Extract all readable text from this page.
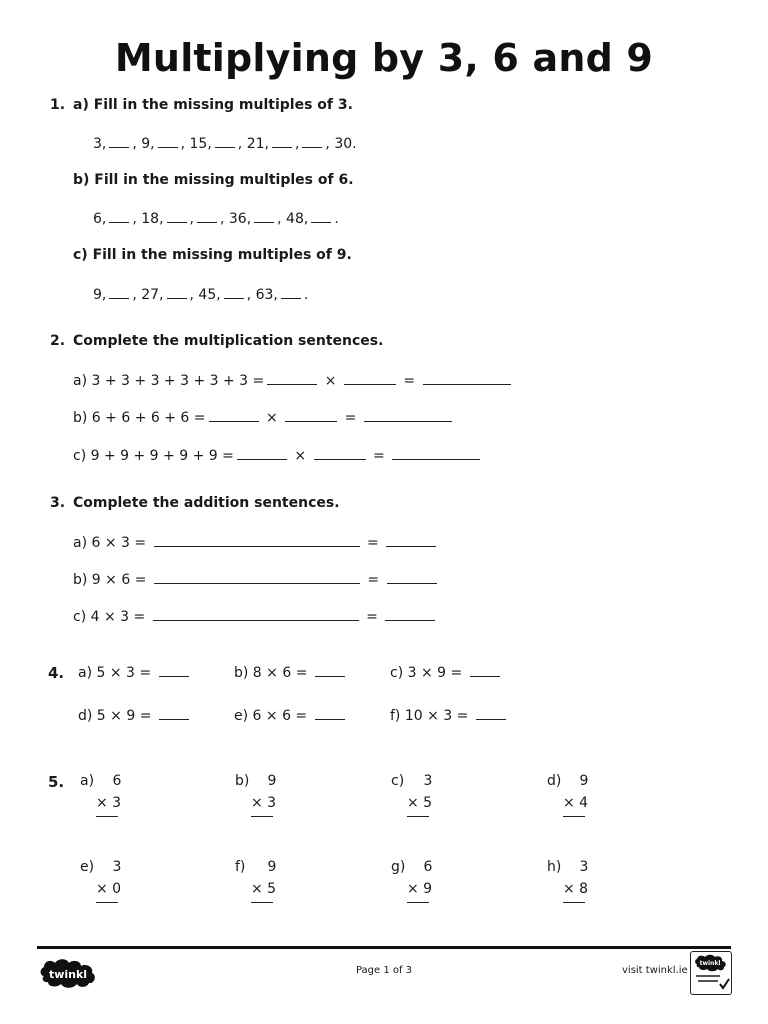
Multiplying by 3, 6 and 9
1. a) Fill in the missing multiples of 3.
3, , 9, , 15, , 21, , , 30.
b) Fill in the missing multiples of 6.
6, , 18, , , 36, , 48, .
c) Fill in the missing multiples of 9.
9, , 27, , 45, , 63, .
2. Complete the multiplication sentences.
a) 3 + 3 + 3 + 3 + 3 + 3 =	×	=
b) 6 + 6 + 6 + 6 =	×	=
c) 9 + 9 + 9 + 9 + 9 =	×	=
3. Complete the addition sentences.
a) 6 × 3 =	=
b) 9 × 6 =	=
c) 4 × 3 =	=
4. a) 5 × 3 =	b) 8 × 6 =	c) 3 × 9 =
d) 5 × 9 =	e) 6 × 6 =	f) 10 × 3 =
5. a) 6
× 3
b) 9
× 3
c) 3
× 5
d) 9
× 4
e) 3
× 0
f) 9
× 5
g) 6
× 9
h) 3
× 8
twinkl	Page 1 of 3	visit twinkl.ie
twinkl
